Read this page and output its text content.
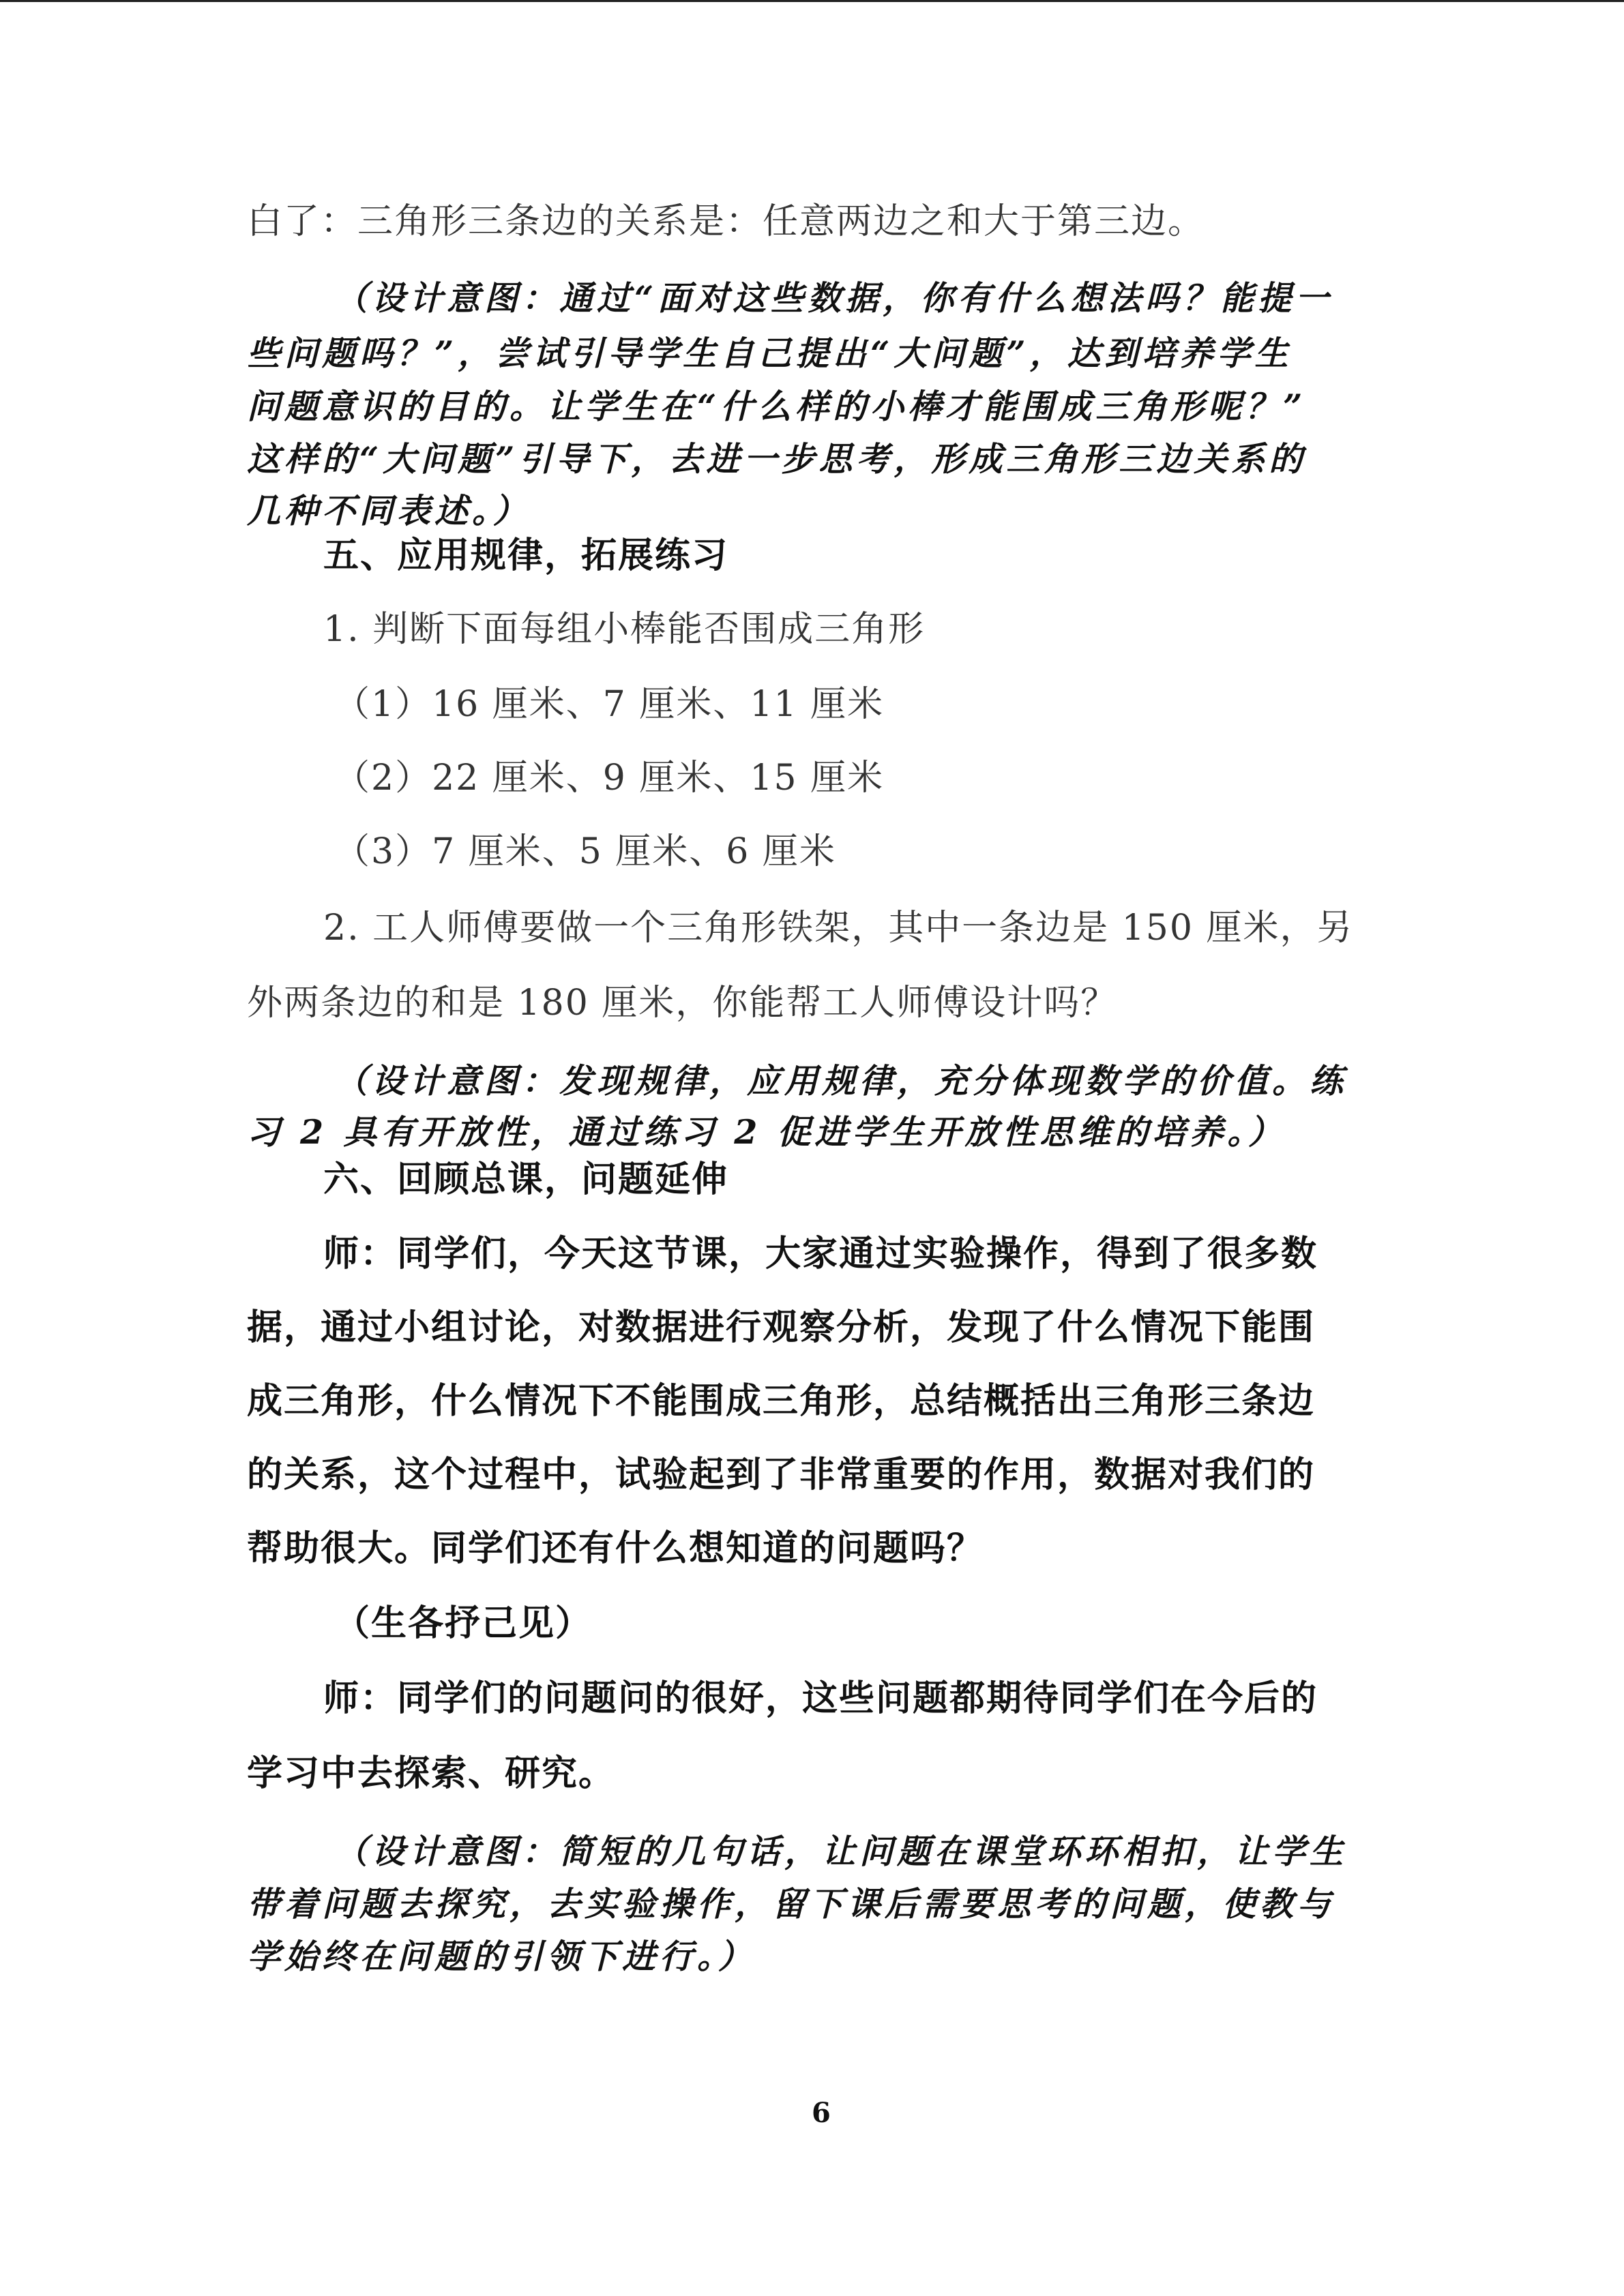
白了：三角形三条边的关系是：任意两边之和大于第三边。
（设计意图：通过“面对这些数据，你有什么想法吗？能提一
些问题吗？”，尝试引导学生自己提出“大问题”，达到培养学生
问题意识的目的。让学生在“什么样的小棒才能围成三角形呢？”
这样的“大问题”引导下，去进一步思考，形成三角形三边关系的
几种不同表述。）
五、应用规律，拓展练习
1. 判断下面每组小棒能否围成三角形
（1）16 厘米、7 厘米、11 厘米
（2）22 厘米、9 厘米、15 厘米
（3）7 厘米、5 厘米、6 厘米
2. 工人师傅要做一个三角形铁架，其中一条边是 150 厘米，另
外两条边的和是 180 厘米，你能帮工人师傅设计吗？
（设计意图：发现规律，应用规律，充分体现数学的价值。练
习 2 具有开放性，通过练习 2 促进学生开放性思维的培养。）
六、回顾总课，问题延伸
师：同学们，今天这节课，大家通过实验操作，得到了很多数
据，通过小组讨论，对数据进行观察分析，发现了什么情况下能围
成三角形，什么情况下不能围成三角形，总结概括出三角形三条边
的关系，这个过程中，试验起到了非常重要的作用，数据对我们的
帮助很大。同学们还有什么想知道的问题吗？
（生各抒己见）
师：同学们的问题问的很好，这些问题都期待同学们在今后的
学习中去探索、研究。
（设计意图：简短的几句话，让问题在课堂环环相扣，让学生
带着问题去探究，去实验操作，留下课后需要思考的问题，使教与
学始终在问题的引领下进行。）
6
